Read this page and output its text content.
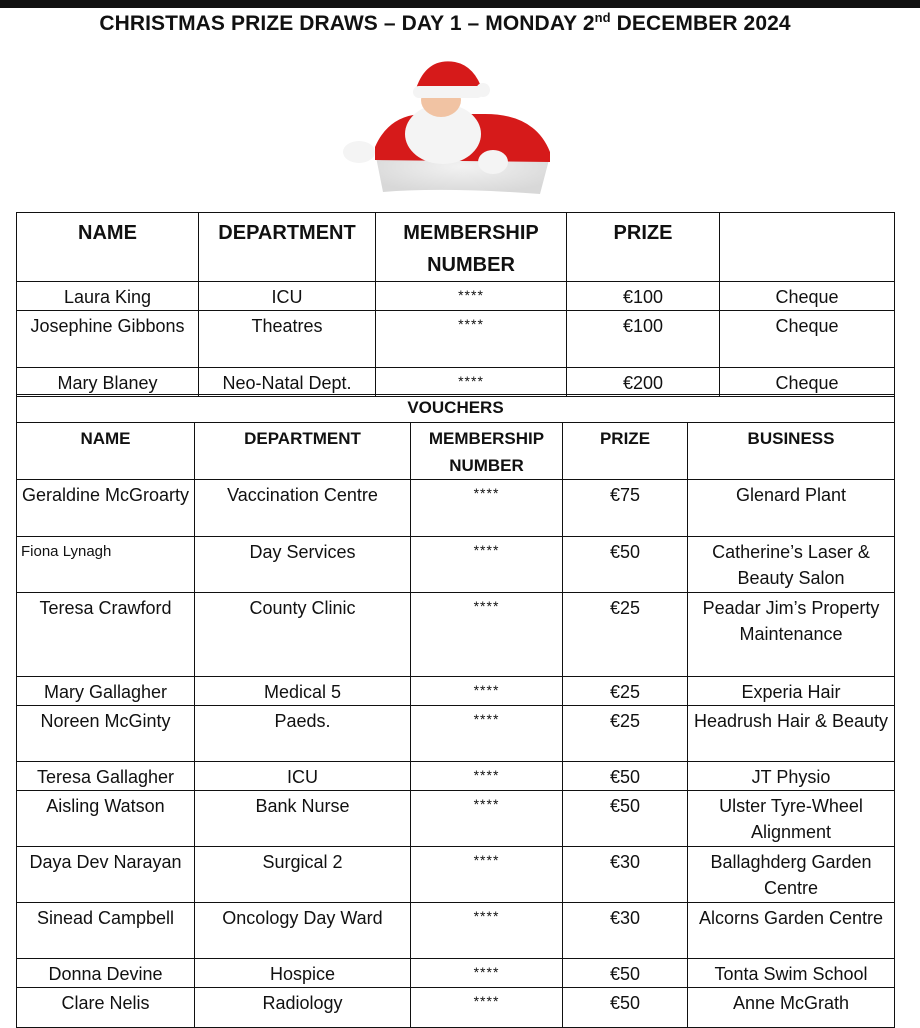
CHRISTMAS PRIZE DRAWS – DAY 1 – MONDAY 2nd DECEMBER 2024
NAME	DEPARTMENT	MEMBERSHIP NUMBER	PRIZE	
Laura King	ICU	****	€100	Cheque
Josephine Gibbons	Theatres	****	€100	Cheque
Mary Blaney	Neo-Natal Dept.	****	€200	Cheque
VOUCHERS				
NAME	DEPARTMENT	MEMBERSHIP NUMBER	PRIZE	BUSINESS
Geraldine McGroarty	Vaccination Centre	****	€75	Glenard Plant
Fiona Lynagh	Day Services	****	€50	Catherine’s Laser & Beauty Salon
Teresa Crawford	County Clinic	****	€25	Peadar Jim’s Property Maintenance
Mary Gallagher	Medical 5	****	€25	Experia Hair
Noreen McGinty	Paeds.	****	€25	Headrush Hair & Beauty
Teresa Gallagher	ICU	****	€50	JT Physio
Aisling Watson	Bank Nurse	****	€50	Ulster Tyre-Wheel Alignment
Daya Dev Narayan	Surgical 2	****	€30	Ballaghderg Garden Centre
Sinead Campbell	Oncology Day Ward	****	€30	Alcorns Garden Centre
Donna Devine	Hospice	****	€50	Tonta Swim School
Clare Nelis	Radiology	****	€50	Anne McGrath
